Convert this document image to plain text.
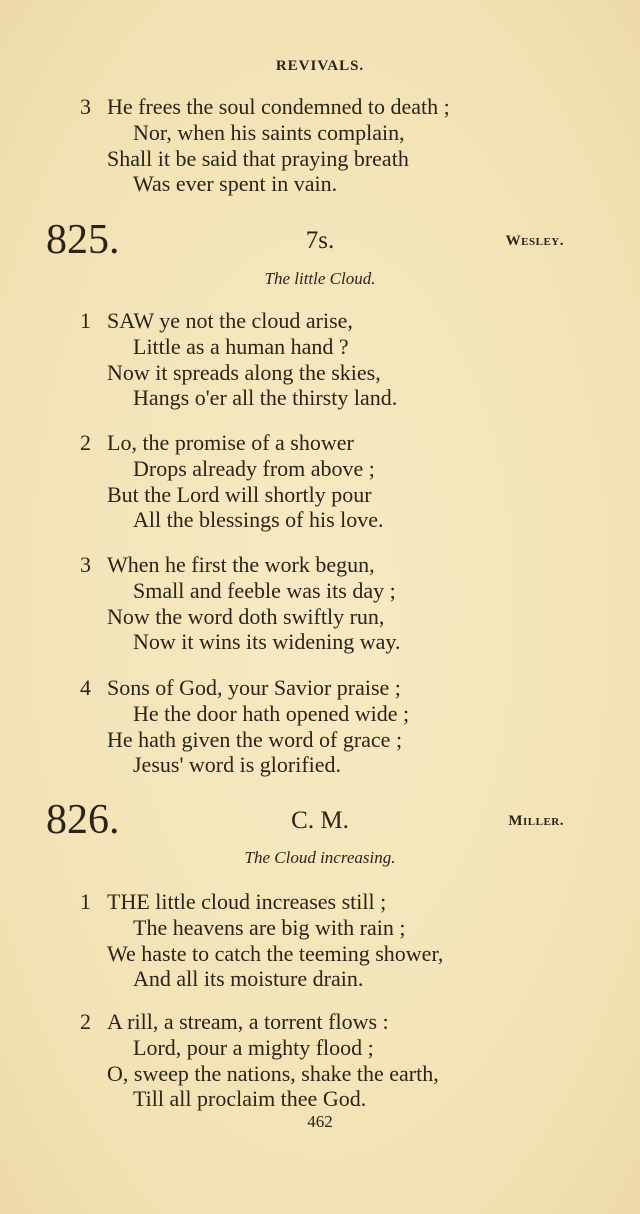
REVIVALS.
3 He frees the soul condemned to death ;
Nor, when his saints complain,
Shall it be said that praying breath
Was ever spent in vain.
825.	7s.	Wesley.
The little Cloud.
1 SAW ye not the cloud arise,
Little as a human hand ?
Now it spreads along the skies,
Hangs o'er all the thirsty land.
2 Lo, the promise of a shower
Drops already from above ;
But the Lord will shortly pour
All the blessings of his love.
3 When he first the work begun,
Small and feeble was its day ;
Now the word doth swiftly run,
Now it wins its widening way.
4 Sons of God, your Savior praise ;
He the door hath opened wide ;
He hath given the word of grace ;
Jesus' word is glorified.
826.	C. M.	Miller.
The Cloud increasing.
1 THE little cloud increases still ;
The heavens are big with rain ;
We haste to catch the teeming shower,
And all its moisture drain.
2 A rill, a stream, a torrent flows :
Lord, pour a mighty flood ;
O, sweep the nations, shake the earth,
Till all proclaim thee God.
462
